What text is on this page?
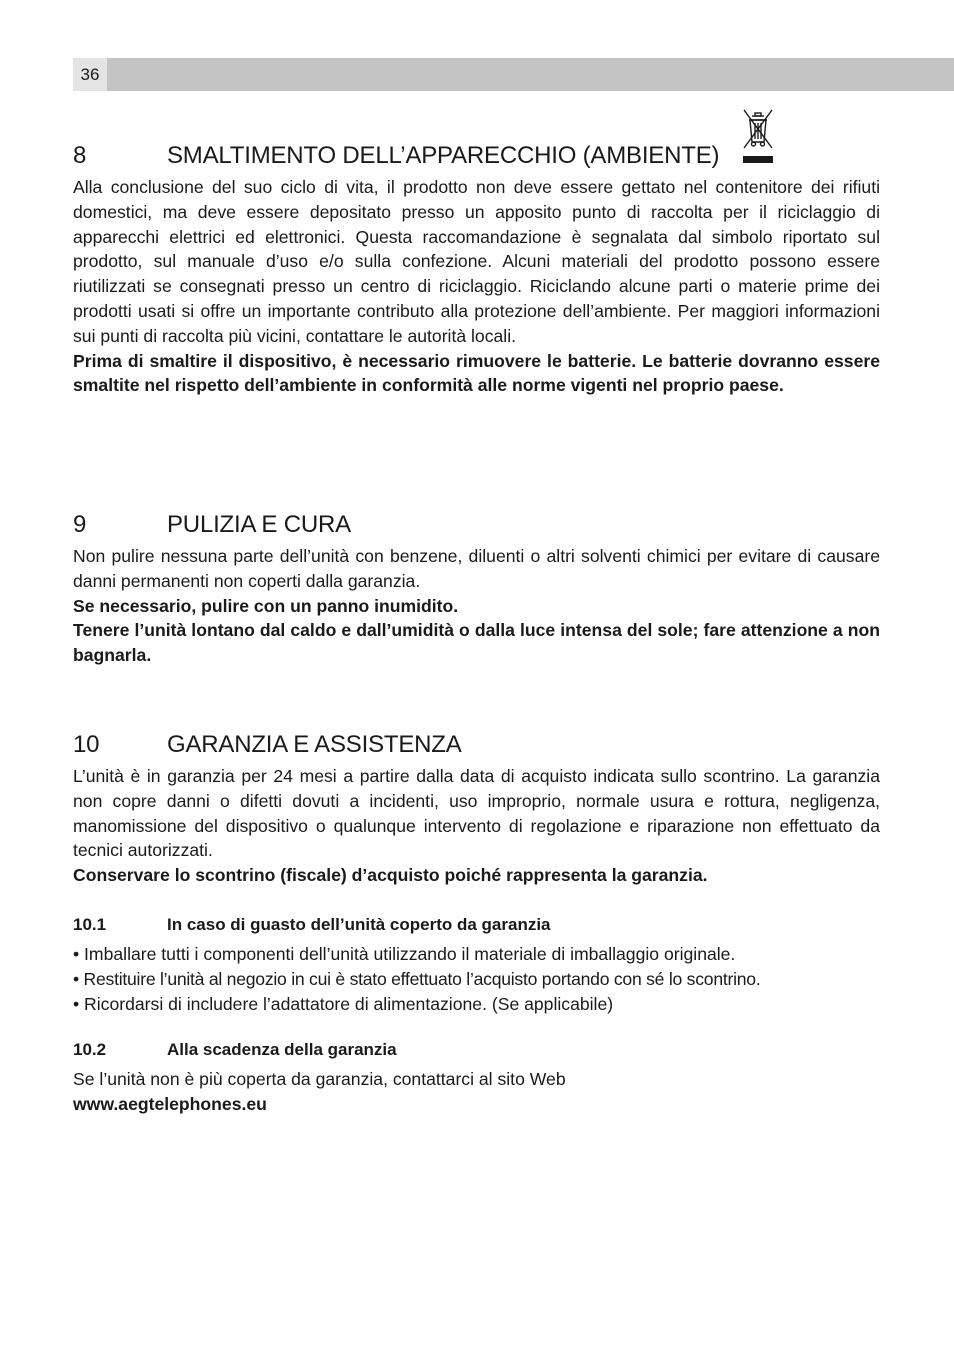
36
8	SMALTIMENTO DELL’APPARECCHIO (AMBIENTE)

Alla conclusione del suo ciclo di vita, il prodotto non deve essere gettato nel contenitore dei rifiuti domestici, ma deve essere depositato presso un apposito punto di raccolta per il riciclaggio di apparecchi elettrici ed elettronici. Questa raccomandazione è segnalata dal simbolo riportato sul prodotto, sul manuale d’uso e/o sulla confezione. Alcuni materiali del prodotto possono essere riutilizzati se consegnati presso un centro di riciclaggio. Riciclando alcune parti o materie prime dei prodotti usati si offre un importante contributo alla protezione dell’ambiente. Per maggiori informazioni sui punti di raccolta più vicini, contattare le autorità locali.

Prima di smaltire il dispositivo, è necessario rimuovere le batterie. Le batterie dovranno essere smaltite nel rispetto dell’ambiente in conformità alle norme vigenti nel proprio paese.

9	PULIZIA E CURA

Non pulire nessuna parte dell’unità con benzene, diluenti o altri solventi chimici per evitare di causare danni permanenti non coperti dalla garanzia.

Se necessario, pulire con un panno inumidito.

Tenere l’unità lontano dal caldo e dall’umidità o dalla luce intensa del sole; fare attenzione a non bagnarla.

10	GARANZIA E ASSISTENZA

L’unità è in garanzia per 24 mesi a partire dalla data di acquisto indicata sullo scontrino. La garanzia non copre danni o difetti dovuti a incidenti, uso improprio, normale usura e rottura, negligenza, manomissione del dispositivo o qualunque intervento di regolazione e riparazione non effettuato da tecnici autorizzati.

Conservare lo scontrino (fiscale) d’acquisto poiché rappresenta la garanzia.

10.1	In caso di guasto dell’unità coperto da garanzia
• Imballare tutti i componenti dell’unità utilizzando il materiale di imballaggio originale.
• Restituire l’unità al negozio in cui è stato effettuato l’acquisto portando con sé lo scontrino.
• Ricordarsi di includere l’adattatore di alimentazione. (Se applicabile)
10.2	Alla scadenza della garanzia

Se l’unità non è più coperta da garanzia, contattarci al sito Web

www.aegtelephones.eu
